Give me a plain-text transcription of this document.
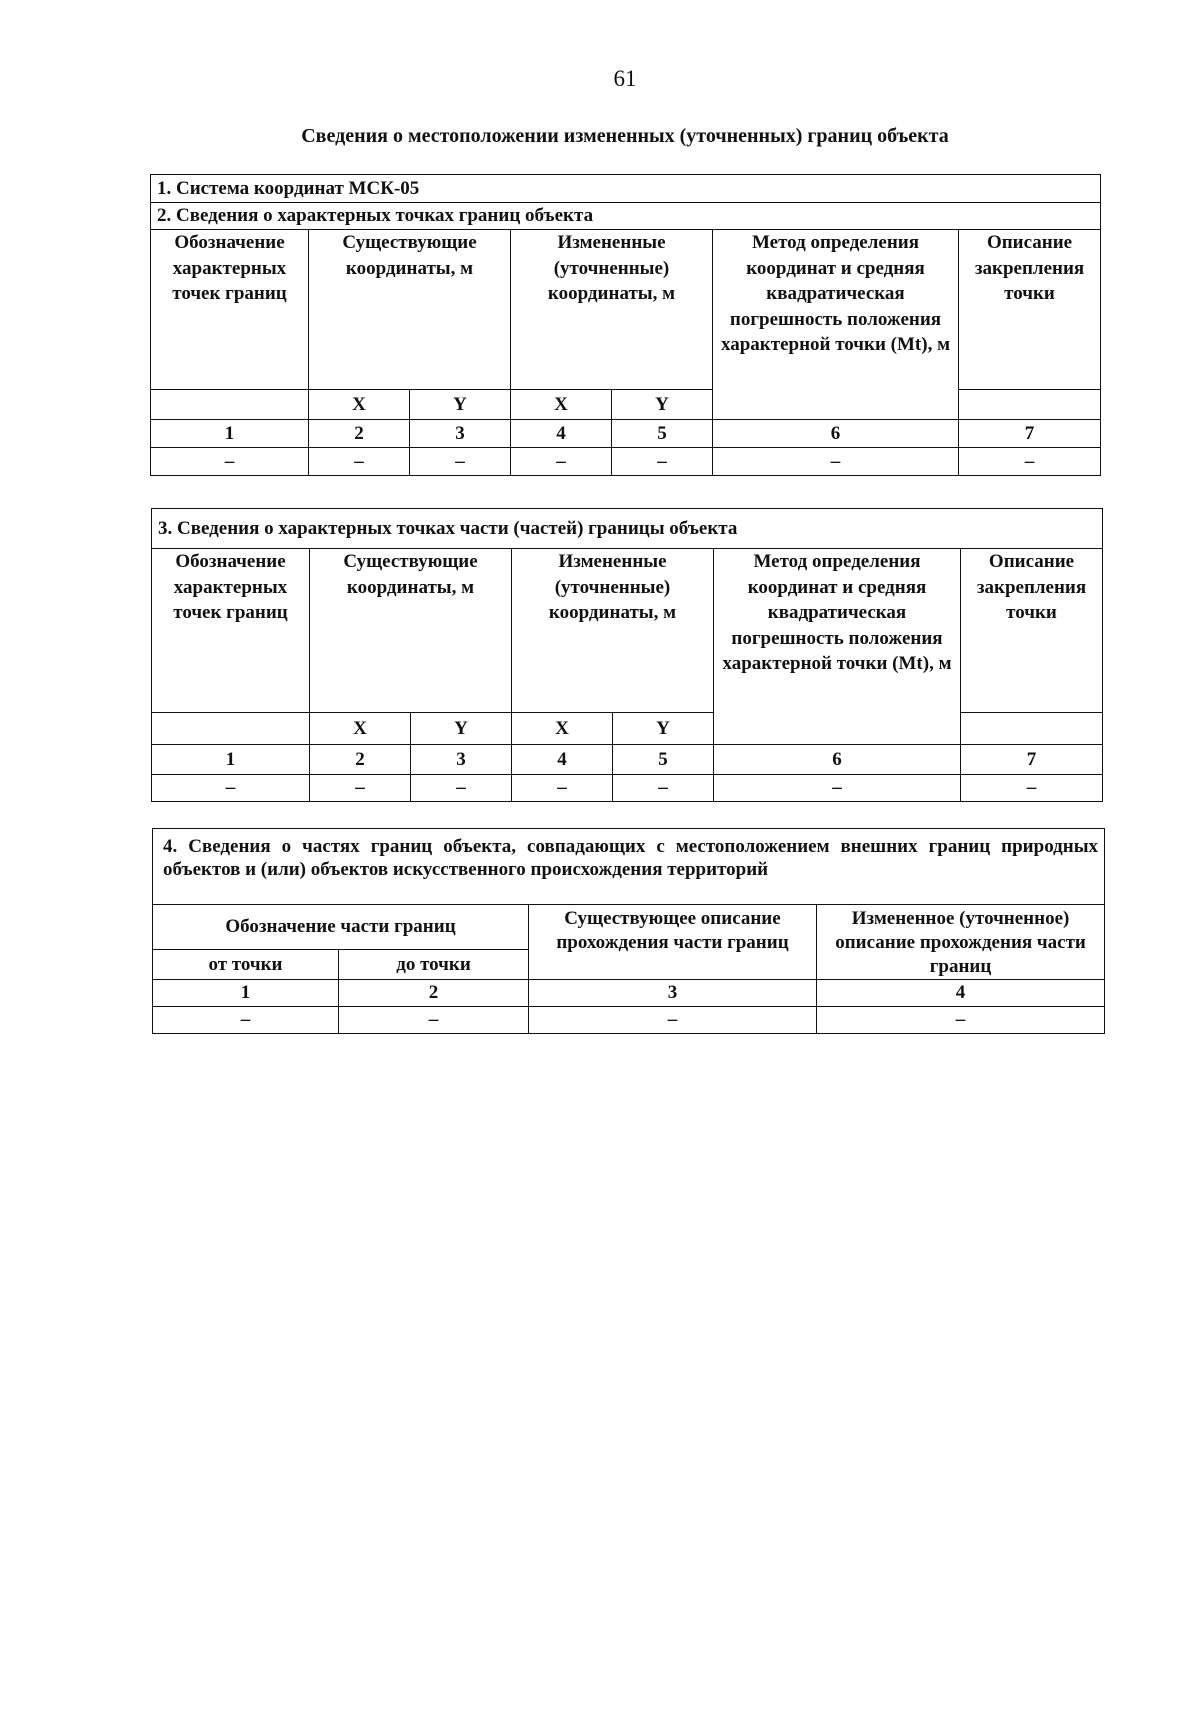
61
Сведения о местоположении измененных (уточненных) границ объекта
1. Система координат МСК-05						
2. Сведения о характерных точках границ объекта						
Обозначение характерных точек границ	Существующие координаты, м		Измененные (уточненные) координаты, м		Метод определения координат и средняя квадратическая погрешность положения характерной точки (Mt), м	Описание закрепления точки
	X	Y	X	Y		
1	2	3	4	5	6	7
–	–	–	–	–	–	–
3. Сведения о характерных точках части (частей) границы объекта						
Обозначение характерных точек границ	Существующие координаты, м		Измененные (уточненные) координаты, м		Метод определения координат и средняя квадратическая погрешность положения характерной точки (Mt), м	Описание закрепления точки
	X	Y	X	Y		
1	2	3	4	5	6	7
–	–	–	–	–	–	–
4. Сведения о частях границ объекта, совпадающих с местоположением внешних границ природных объектов и (или) объектов искусственного происхождения территорий			
Обозначение части границ		Существующее описание прохождения части границ	Измененное (уточненное) описание прохождения части границ
от точки	до точки		
1	2	3	4
–	–	–	–
